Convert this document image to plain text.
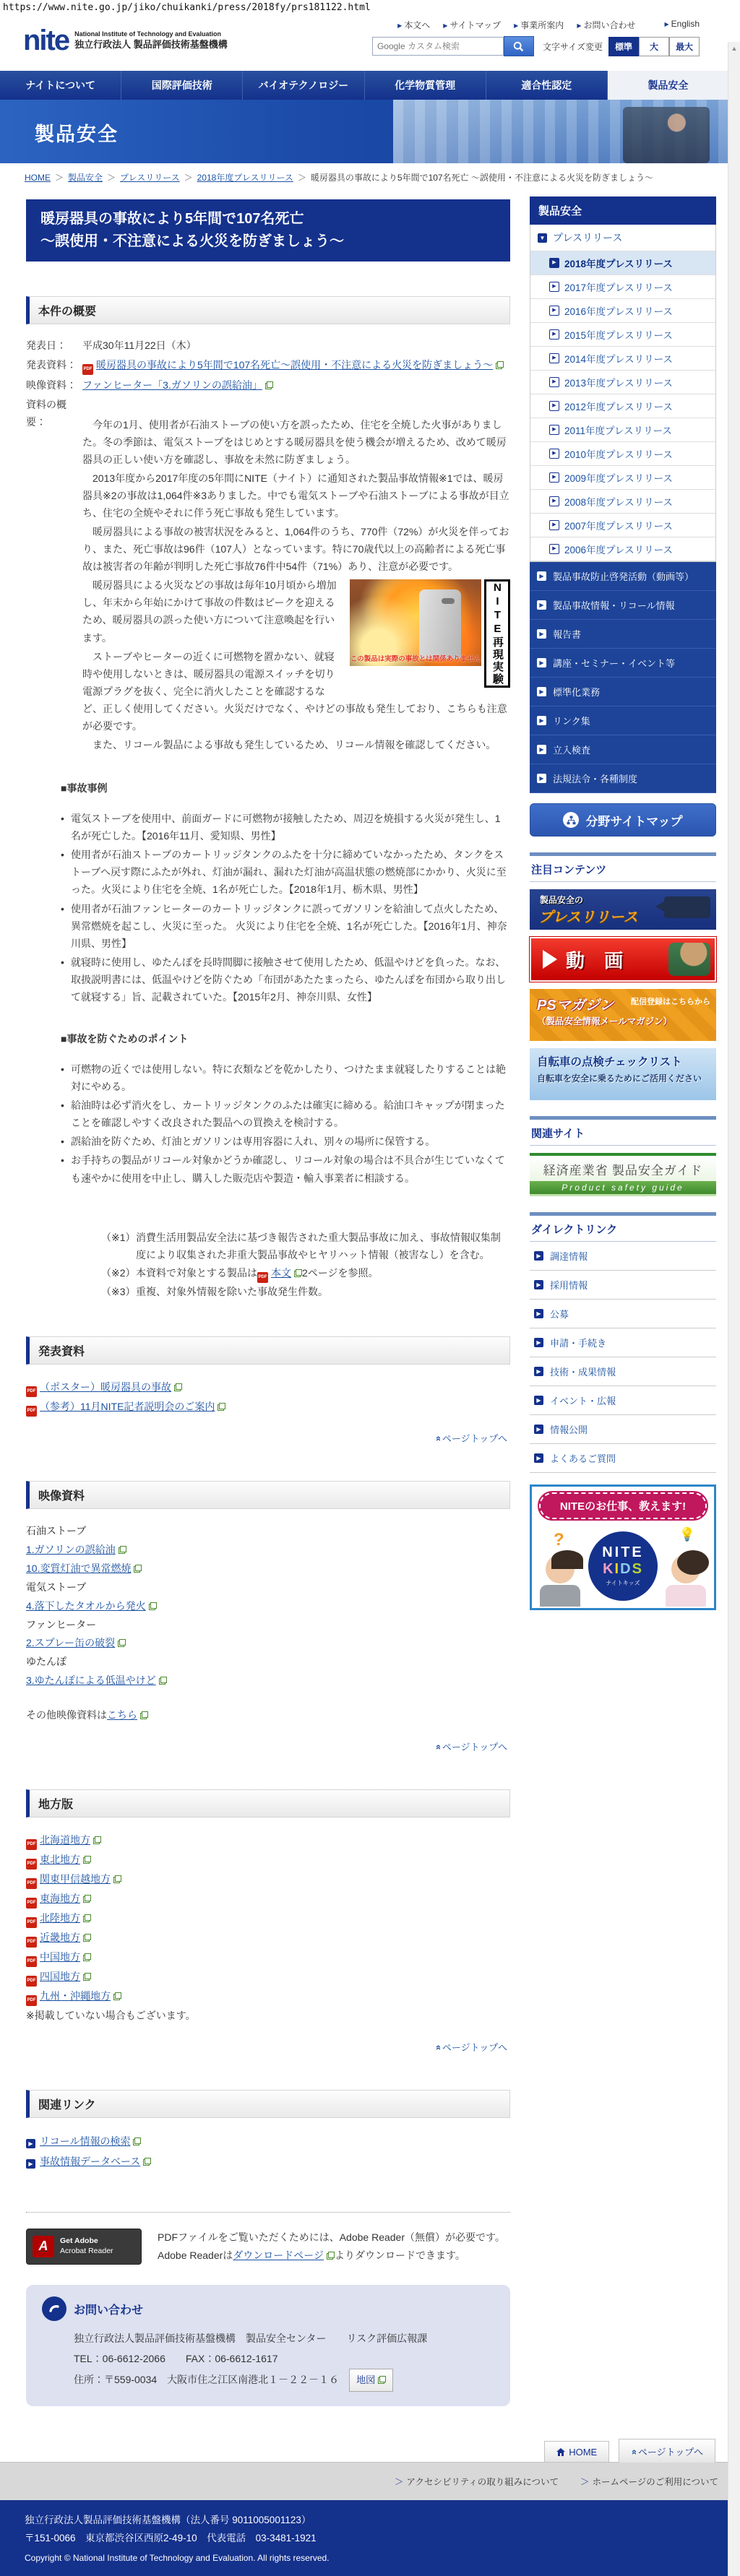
https://www.nite.go.jp/jiko/chuikanki/press/2018fy/prs181122.html
nite National Institute of Technology and Evaluation
独立行政法人 製品評価技術基盤機構
▶ 本文へ ▶ サイトマップ ▶ 事業所案内 ▶ お問い合わせ	▶ English
Google カスタム検索
文字サイズ変更	標準	大	最大
ナイトについて	国際評価技術	バイオテクノロジー	化学物質管理	適合性認定	製品安全
製品安全
HOME ＞ 製品安全 ＞ プレスリリース ＞ 2018年度プレスリリース ＞ 暖房器具の事故により5年間で107名死亡 ～誤使用・不注意による火災を防ぎましょう～
暖房器具の事故により5年間で107名死亡
～誤使用・不注意による火災を防ぎましょう～
本件の概要
発表日：	平成30年11月22日（木）
発表資料：	PDF 暖房器具の事故により5年間で107名死亡～誤使用・不注意による火災を防ぎましょう～
映像資料： ファンヒーター「3.ガソリンの誤給油」
資料の概要：	　今年の1月、使用者が石油ストーブの使い方を誤ったため、住宅を全焼した火事がありました。冬の季節は、電気ストーブをはじめとする暖房器具を使う機会が増えるため、改めて暖房器具の正しい使い方を確認し、事故を未然に防ぎましょう。

　2013年度から2017年度の5年間にNITE（ナイト）に通知された製品事故情報※1では、暖房器具※2の事故は1,064件※3ありました。中でも電気ストーブや石油ストーブによる事故が目立ち、住宅の全焼やそれに伴う死亡事故も発生しています。

　暖房器具による事故の被害状況をみると、1,064件のうち、770件（72%）が火災を伴っており、また、死亡事故は96件（107人）となっています。特に70歳代以上の高齢者による死亡事故は被害者の年齢が判明した死亡事故76件中54件（71%）あり、注意が必要です。

この製品は実際の事故とは関係ありません NITE再現実験

　暖房器具による火災などの事故は毎年10月頃から増加し、年末から年始にかけて事故の件数はピークを迎えるため、暖房器具の誤った使い方について注意喚起を行います。

　ストーブやヒーターの近くに可燃物を置かない、就寝時や使用しないときは、暖房器具の電源スイッチを切り電源プラグを抜く、完全に消火したことを確認するなど、正しく使用してください。火災だけでなく、やけどの事故も発生しており、こちらも注意が必要です。

　また、リコール製品による事故も発生しているため、リコール情報を確認してください。

■事故事例
• 電気ストーブを使用中、前面ガードに可燃物が接触したため、周辺を焼損する火災が発生し、1名が死亡した。【2016年11月、愛知県、男性】
• 使用者が石油ストーブのカートリッジタンクのふたを十分に締めていなかったため、タンクをストーブへ戻す際にふたが外れ、灯油が漏れ、漏れた灯油が高温状態の燃焼部にかかり、火災に至った。火災により住宅を全焼、1名が死亡した。【2018年1月、栃木県、男性】
• 使用者が石油ファンヒーターのカートリッジタンクに誤ってガソリンを給油して点火したため、異常燃焼を起こし、火災に至った。 火災により住宅を全焼、1名が死亡した。【2016年1月、神奈川県、男性】
• 就寝時に使用し、ゆたんぽを長時間脚に接触させて使用したため、低温やけどを負った。なお、取扱説明書には、低温やけどを防ぐため「布団があたたまったら、ゆたんぽを布団から取り出して就寝する」旨、記載されていた。【2015年2月、神奈川県、女性】
■事故を防ぐためのポイント
• 可燃物の近くでは使用しない。特に衣類などを乾かしたり、つけたまま就寝したりすることは絶対にやめる。
• 給油時は必ず消火をし、カートリッジタンクのふたは確実に締める。給油口キャップが閉まったことを確認しやすく改良された製品への買換えを検討する。
• 誤給油を防ぐため、灯油とガソリンは専用容器に入れ、別々の場所に保管する。
• お手持ちの製品がリコール対象かどうか確認し、リコール対象の場合は不具合が生じていなくても速やかに使用を中止し、購入した販売店や製造・輸入事業者に相談する。
（※1） 消費生活用製品安全法に基づき報告された重大製品事故に加え、事故情報収集制度により収集された非重大製品事故やヒヤリハット情報（被害なし）を含む。
（※2） 本資料で対象とする製品は PDF 本文 2ページを参照。
（※3） 重複、対象外情報を除いた事故発生件数。
発表資料
PDF （ポスター）暖房器具の事故
PDF （参考）11月NITE記者説明会のご案内
»ページトップへ
映像資料
石油ストーブ
1.ガソリンの誤給油
10.変質灯油で異常燃焼
電気ストーブ
4.落下したタオルから発火
ファンヒーター
2.スプレー缶の破裂
ゆたんぽ
3.ゆたんぽによる低温やけど
その他映像資料はこちら
»ページトップへ
地方版
PDF 北海道地方
PDF 東北地方
PDF 関東甲信越地方
PDF 東海地方
PDF 北陸地方
PDF 近畿地方
PDF 中国地方
PDF 四国地方
PDF 九州・沖縄地方
※掲載していない場合もございます。
»ページトップへ
関連リンク
▶ リコール情報の検索
▶ 事故情報データベース
A	Get Adobe
Acrobat Reader
PDFファイルをご覧いただくためには、Adobe Reader（無償）が必要です。Adobe Readerはダウンロードページ よりダウンロードできます。
お問い合わせ
独立行政法人製品評価技術基盤機構　製品安全センター　　リスク評価広報課
TEL：06-6612-2066　　FAX：06-6612-1617
住所：〒559-0034　大阪市住之江区南港北１－２２－１６ 地図
製品安全
▼ プレスリリース
▶ 2018年度プレスリリース
▶ 2017年度プレスリリース
▶ 2016年度プレスリリース
▶ 2015年度プレスリリース
▶ 2014年度プレスリリース
▶ 2013年度プレスリリース
▶ 2012年度プレスリリース
▶ 2011年度プレスリリース
▶ 2010年度プレスリリース
▶ 2009年度プレスリリース
▶ 2008年度プレスリリース
▶ 2007年度プレスリリース
▶ 2006年度プレスリリース
▶ 製品事故防止啓発活動（動画等）
▶ 製品事故情報・リコール情報
▶ 報告書
▶ 講座・セミナー・イベント等
▶ 標準化業務
▶ リンク集
▶ 立入検査
▶ 法規法令・各種制度
分野サイトマップ
注目コンテンツ
製品安全の
プレスリリース
動 画
PSマガジン 配信登録はこちらから
（製品安全情報メールマガジン）
自転車の点検チェックリスト
自転車を安全に乗るためにご活用ください
関連サイト
経済産業省 製品安全ガイド
Product safety guide
ダイレクトリンク
▶ 調達情報
▶ 採用情報
▶ 公募
▶ 申請・手続き
▶ 技術・成果情報
▶ イベント・広報
▶ 情報公開
▶ よくあるご質問
NITEのお仕事、教えます!
?	💡
NITE
KIDS
ナイトキッズ
HOME	»ページトップへ
＞ アクセシビリティの取り組みについて ＞ ホームページのご利用について
独立行政法人製品評価技術基盤機構（法人番号 9011005001123）
〒151-0066　東京都渋谷区西原2-49-10　代表電話　03-3481-1921
Copyright © National Institute of Technology and Evaluation. All rights reserved.
▲
